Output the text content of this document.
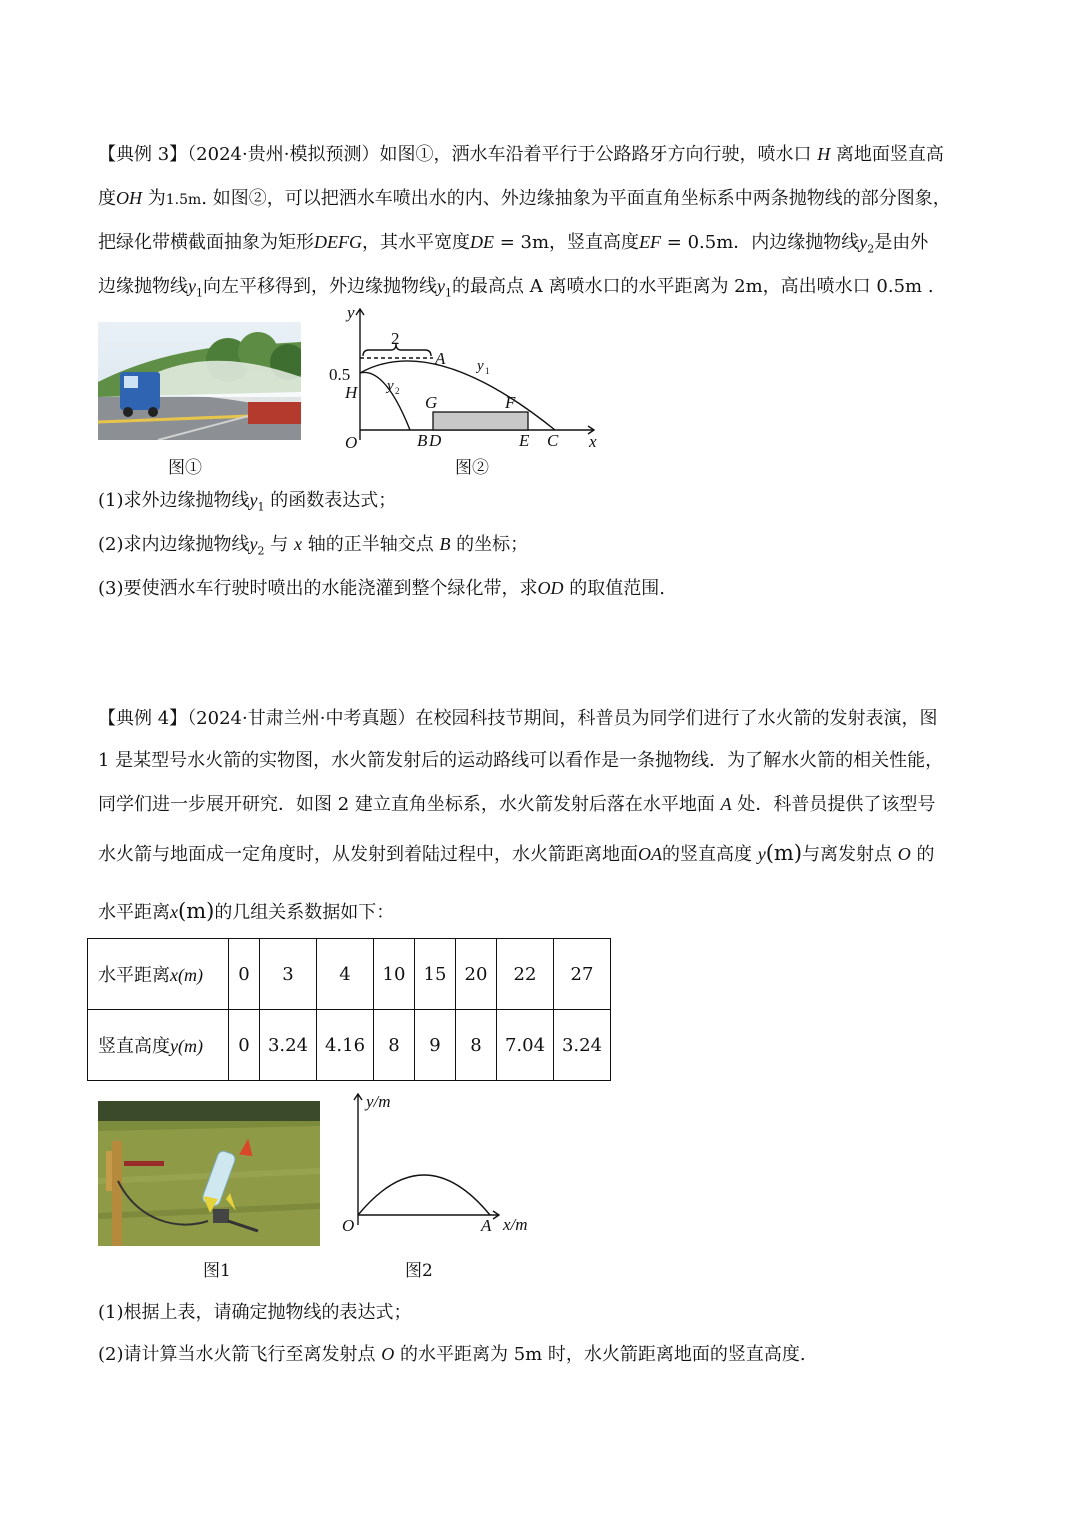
【典例 3】（2024·贵州·模拟预测）如图①，洒水车沿着平行于公路路牙方向行驶，喷水口 H 离地面竖直高
度OH 为1.5m. 如图②，可以把洒水车喷出水的内、外边缘抽象为平面直角坐标系中两条抛物线的部分图象，
把绿化带横截面抽象为矩形DEFG，其水平宽度DE = 3m，竖直高度EF = 0.5m．内边缘抛物线$y_2$是由外
边缘抛物线$y_1$向左平移得到，外边缘抛物线$y_1$的最高点 A 离喷水口的水平距离为 2m，高出喷水口 0.5m .
图①
y
x
O
H
A
G	F
B D	E C
y 1
y 2
2
0.5
图②
(1)求外边缘抛物线$y_1$ 的函数表达式；
(2)求内边缘抛物线$y_2$ 与 x 轴的正半轴交点 B 的坐标；
(3)要使洒水车行驶时喷出的水能浇灌到整个绿化带，求OD 的取值范围.
【典例 4】（2024·甘肃兰州·中考真题）在校园科技节期间，科普员为同学们进行了水火箭的发射表演，图
1 是某型号水火箭的实物图，水火箭发射后的运动路线可以看作是一条抛物线．为了解水火箭的相关性能，
同学们进一步展开研究．如图 2 建立直角坐标系，水火箭发射后落在水平地面 A 处．科普员提供了该型号
水火箭与地面成一定角度时，从发射到着陆过程中，水火箭距离地面OA的竖直高度 y(m)与离发射点 O 的
水平距离x(m)的几组关系数据如下：
水平距离x(m)	0	3	4	10	15	20	22	27
竖直高度y(m)	0	3.24	4.16	8	9	8	7.04	3.24
图1
y/m
x/m
O	A
图2
(1)根据上表，请确定抛物线的表达式；
(2)请计算当水火箭飞行至离发射点 O 的水平距离为 5m 时，水火箭距离地面的竖直高度.
